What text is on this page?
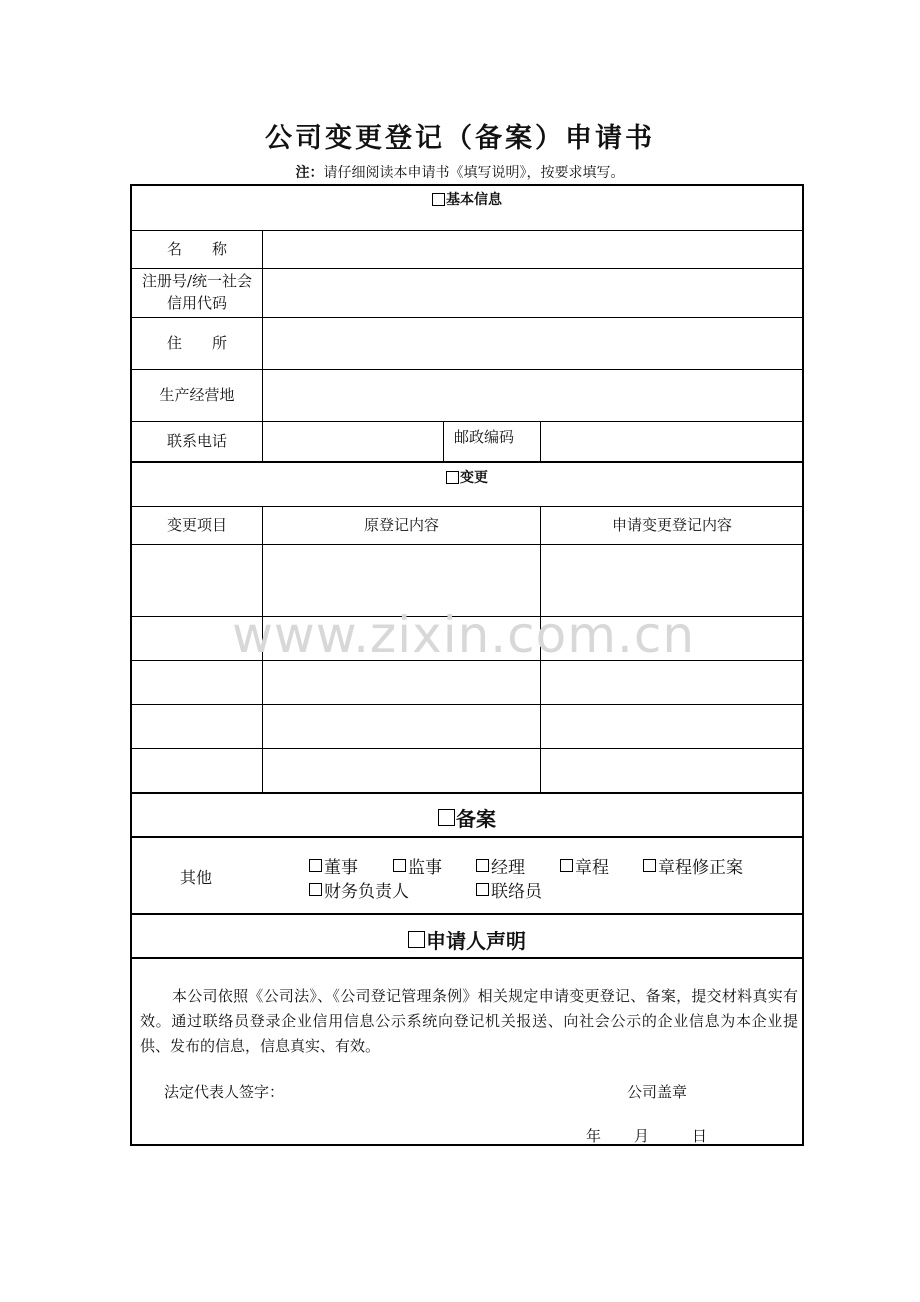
公司变更登记（备案）申请书
注：请仔细阅读本申请书《填写说明》，按要求填写。
基本信息
名　　称
注册号/统一社会信用代码
住　　所
生产经营地
联系电话	邮政编码
变更
变更项目	原登记内容	申请变更登记内容
备案
其他	董事	监事	经理	章程	章程修正案
财务负责人	联络员
申请人声明
本公司依照《公司法》、《公司登记管理条例》相关规定申请变更登记、备案，提交材料真实有效。通过联络员登录企业信用信息公示系统向登记机关报送、向社会公示的企业信息为本企业提供、发布的信息，信息真实、有效。
法定代表人签字：	公司盖章
年 月	日
www.zixin.com.cn
